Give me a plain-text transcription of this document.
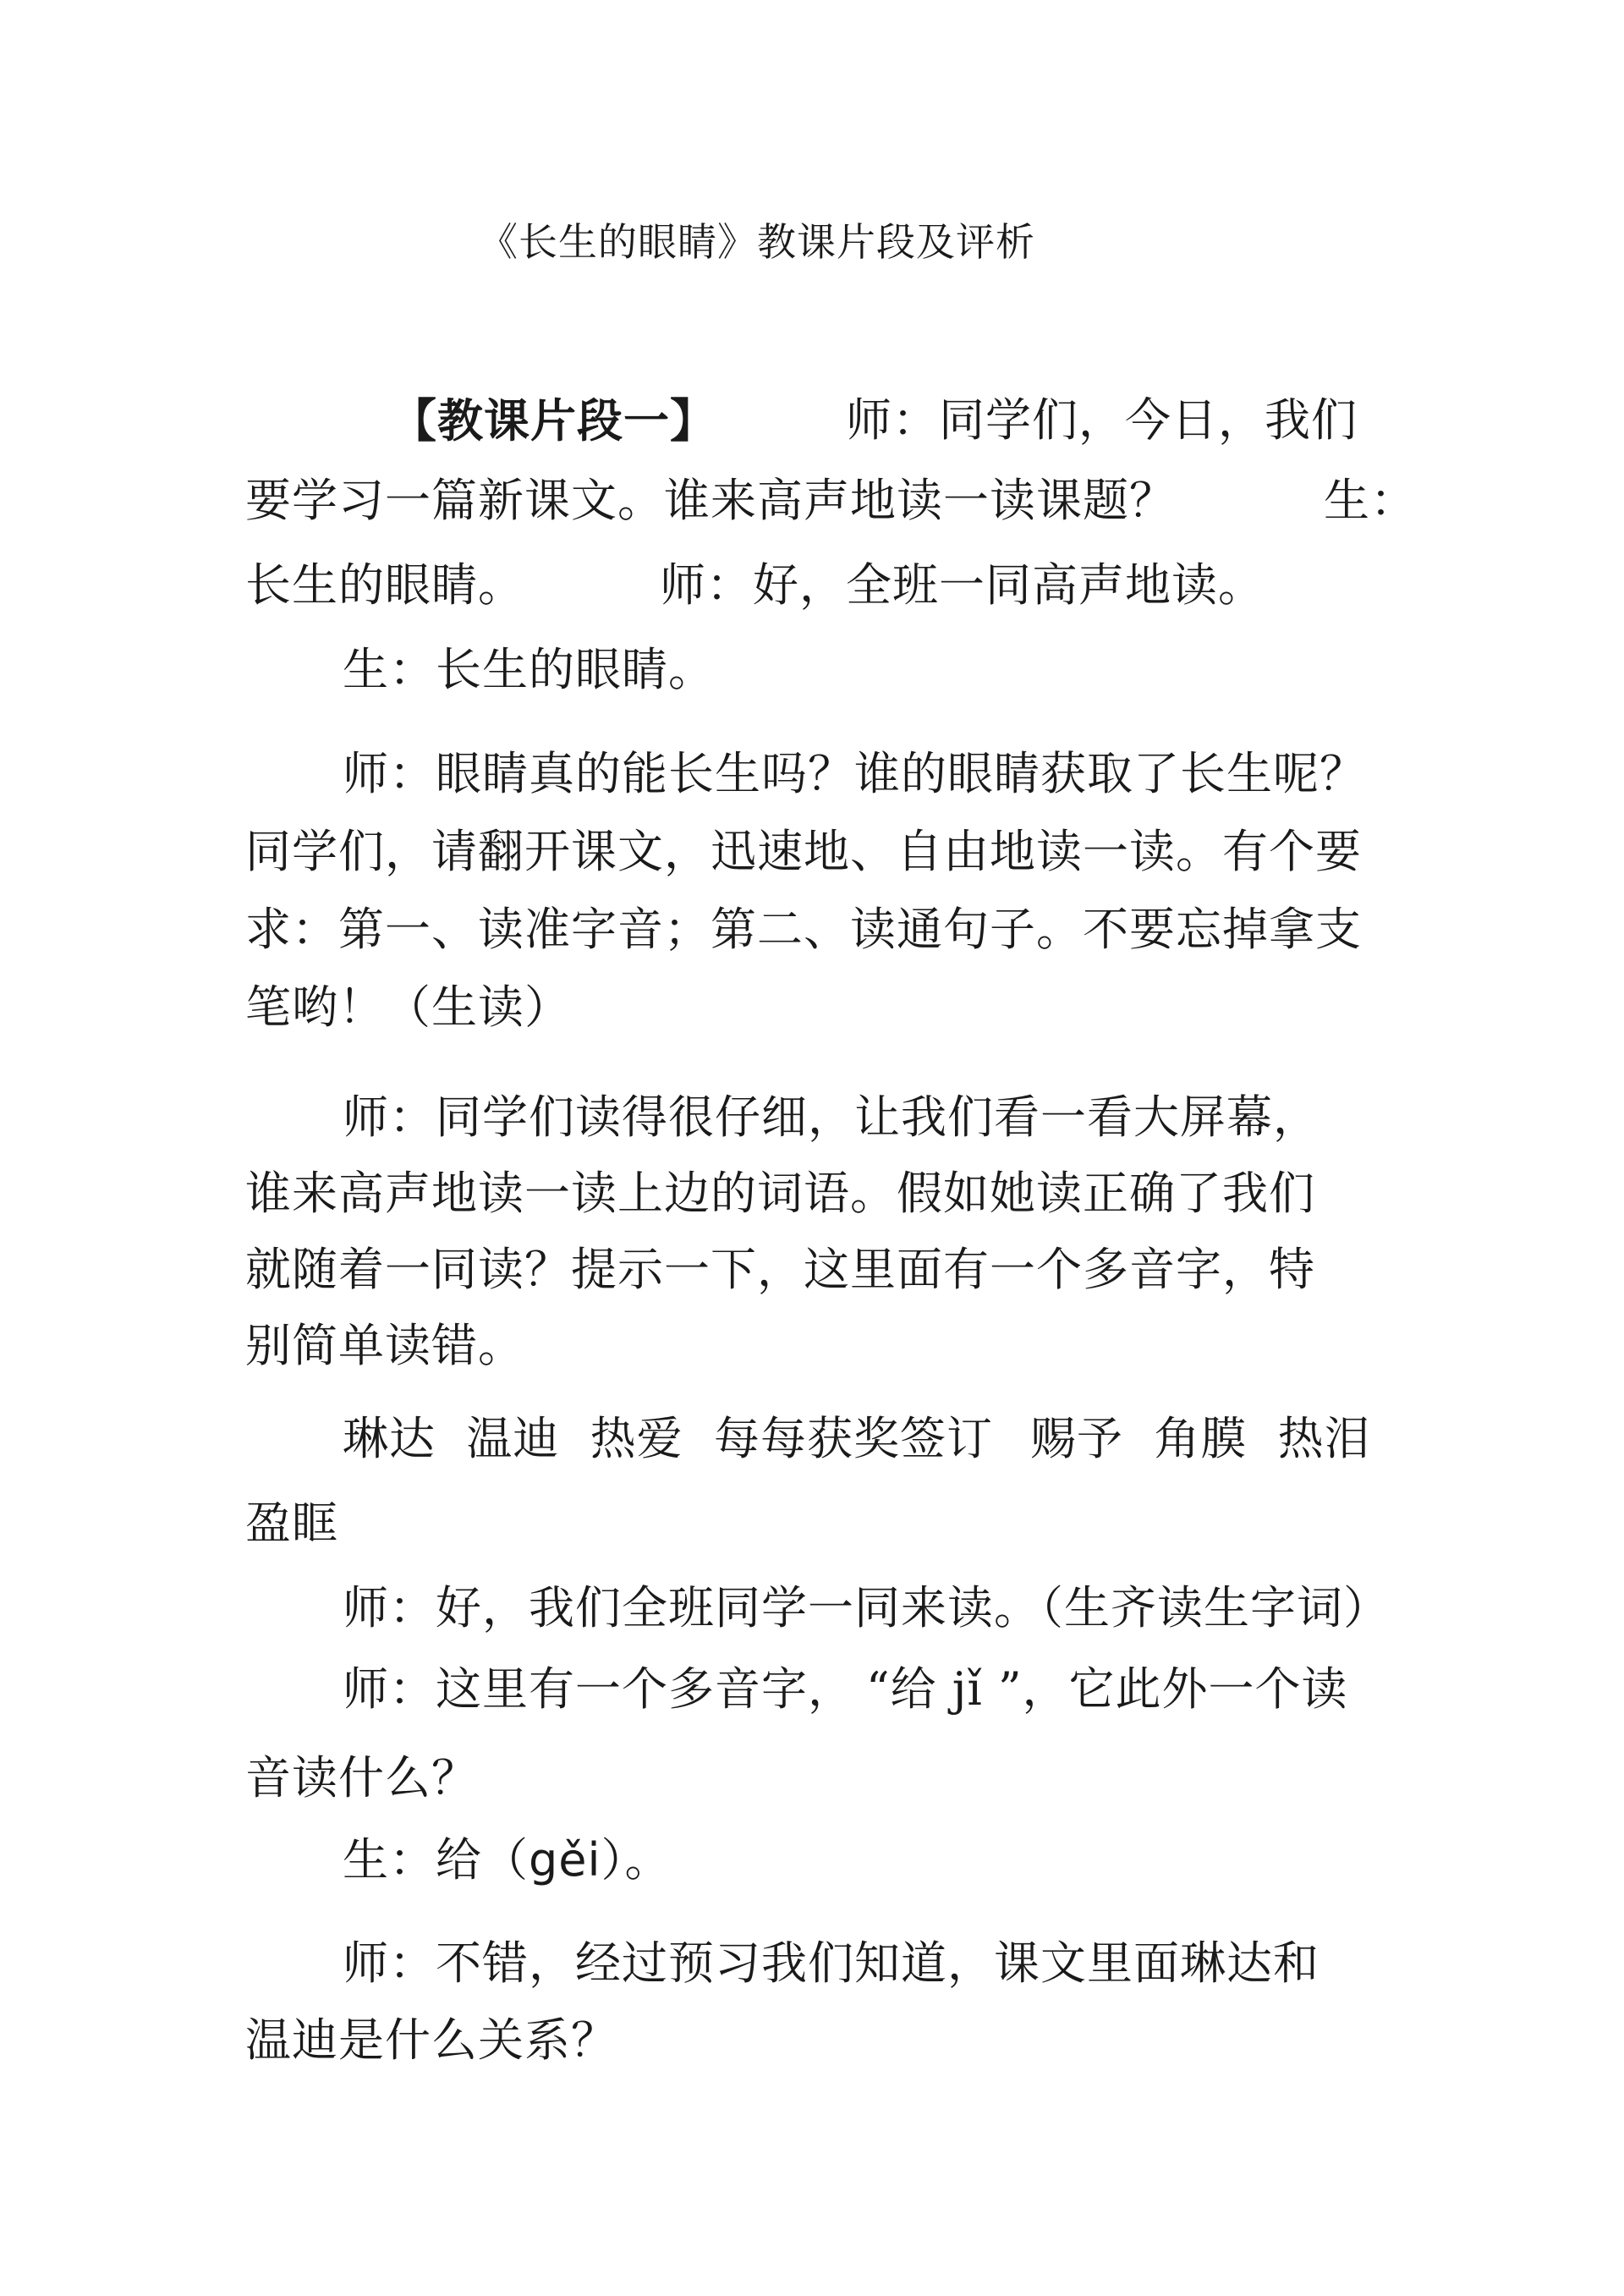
《长生的眼睛》教课片段及评析
【教课片段一】	师：同学们，今日，我们
要学习一篇新课文。谁来高声地读一读课题？	生：
长生的眼睛。	师：好，全班一同高声地读。
生：长生的眼睛。
师：眼睛真的能长生吗？谁的眼睛获取了长生呢？
同学们，请翻开课文，迅速地、自由地读一读。有个要
求：第一、读准字音；第二、读通句子。不要忘掉拿支
笔哟！（生读）
师：同学们读得很仔细，让我们看一看大屏幕，
谁来高声地读一读上边的词语。假如她读正确了我们
就随着一同读？提示一下，这里面有一个多音字，特
别简单读错。
琳达  温迪  热爱  每每获奖签订 赐予  角膜  热泪
盈眶
师：好，我们全班同学一同来读。（生齐读生字词）
师：这里有一个多音字， “给 jǐ ”，它此外一个读
音读什么？
生：给（gěi）。
师：不错，经过预习我们知道，课文里面琳达和
温迪是什么关系？
